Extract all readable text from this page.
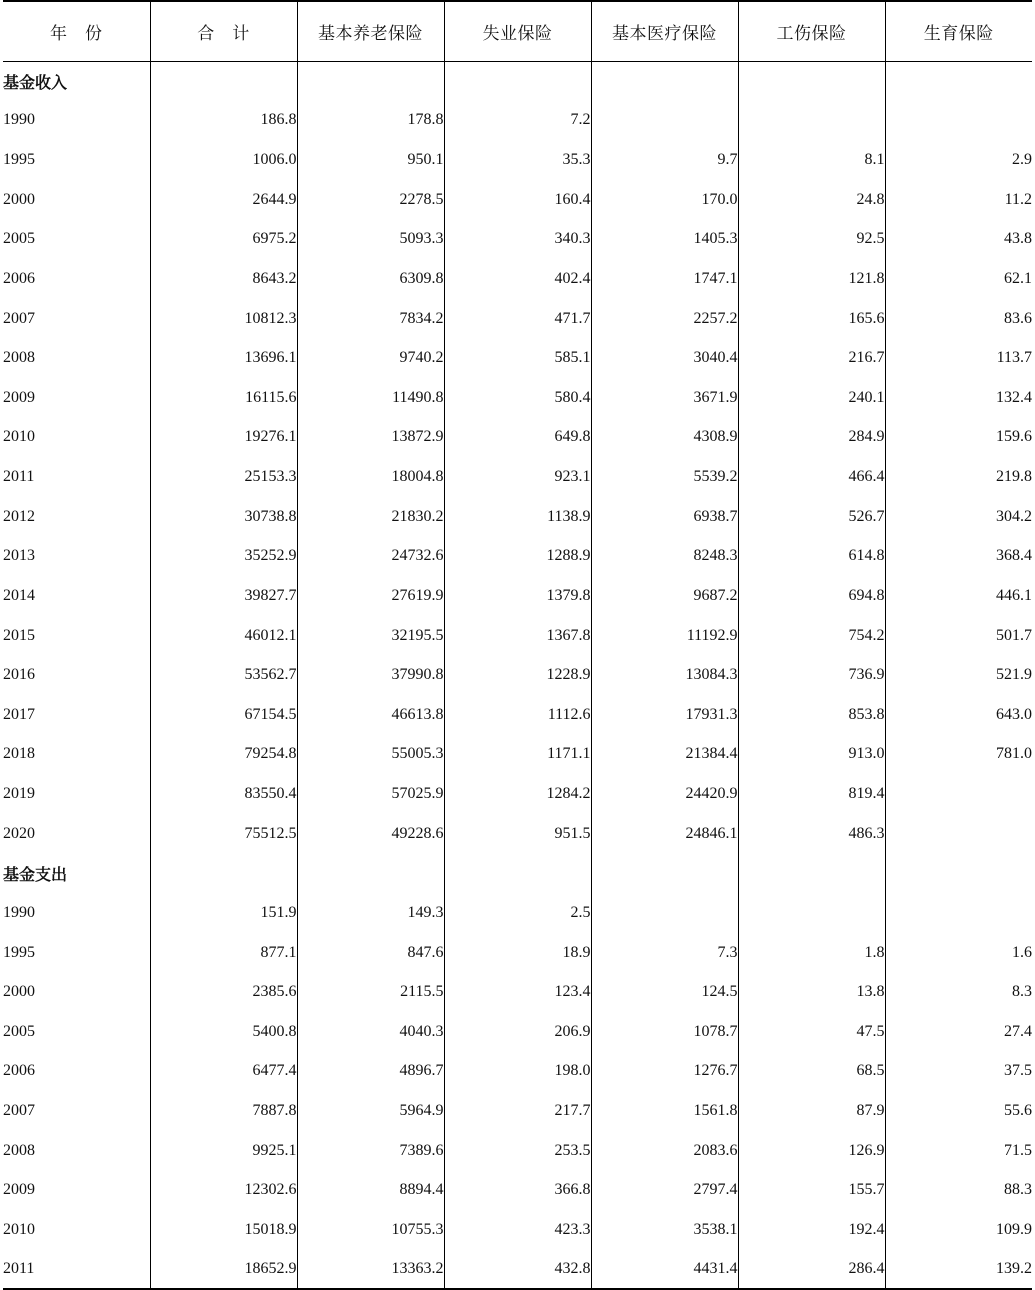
年　份	合　计	基本养老保险	失业保险	基本医疗保险	工伤保险	生育保险
基金收入						
1990	186.8	178.8	7.2			
1995	1006.0	950.1	35.3	9.7	8.1	2.9
2000	2644.9	2278.5	160.4	170.0	24.8	11.2
2005	6975.2	5093.3	340.3	1405.3	92.5	43.8
2006	8643.2	6309.8	402.4	1747.1	121.8	62.1
2007	10812.3	7834.2	471.7	2257.2	165.6	83.6
2008	13696.1	9740.2	585.1	3040.4	216.7	113.7
2009	16115.6	11490.8	580.4	3671.9	240.1	132.4
2010	19276.1	13872.9	649.8	4308.9	284.9	159.6
2011	25153.3	18004.8	923.1	5539.2	466.4	219.8
2012	30738.8	21830.2	1138.9	6938.7	526.7	304.2
2013	35252.9	24732.6	1288.9	8248.3	614.8	368.4
2014	39827.7	27619.9	1379.8	9687.2	694.8	446.1
2015	46012.1	32195.5	1367.8	11192.9	754.2	501.7
2016	53562.7	37990.8	1228.9	13084.3	736.9	521.9
2017	67154.5	46613.8	1112.6	17931.3	853.8	643.0
2018	79254.8	55005.3	1171.1	21384.4	913.0	781.0
2019	83550.4	57025.9	1284.2	24420.9	819.4	
2020	75512.5	49228.6	951.5	24846.1	486.3	
基金支出						
1990	151.9	149.3	2.5			
1995	877.1	847.6	18.9	7.3	1.8	1.6
2000	2385.6	2115.5	123.4	124.5	13.8	8.3
2005	5400.8	4040.3	206.9	1078.7	47.5	27.4
2006	6477.4	4896.7	198.0	1276.7	68.5	37.5
2007	7887.8	5964.9	217.7	1561.8	87.9	55.6
2008	9925.1	7389.6	253.5	2083.6	126.9	71.5
2009	12302.6	8894.4	366.8	2797.4	155.7	88.3
2010	15018.9	10755.3	423.3	3538.1	192.4	109.9
2011	18652.9	13363.2	432.8	4431.4	286.4	139.2
